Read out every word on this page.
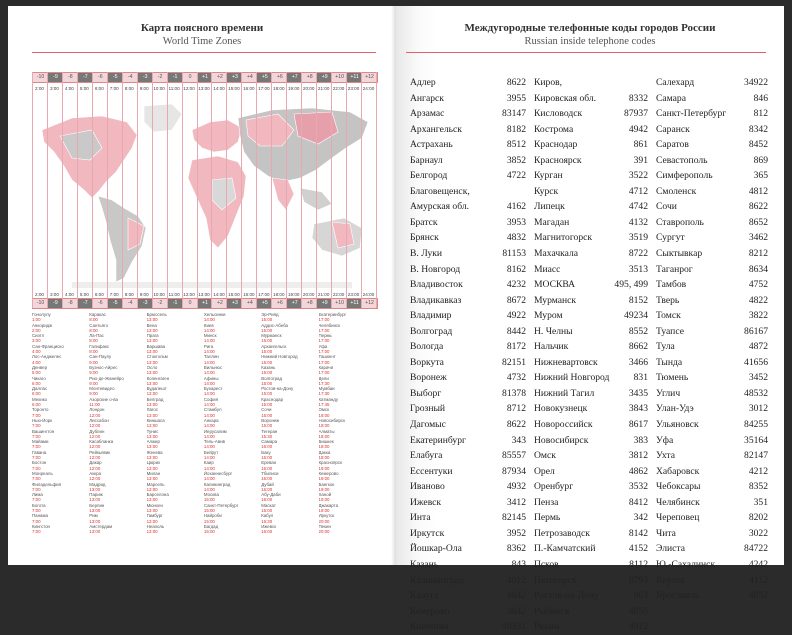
Карта поясного времени
World Time Zones
-10	-9	-8	-7	-6	-5	-4	-3	-2	-1	0	+1	+2	+3	+4	+5	+6	+7	+8	+9	+10	+11	+12
2:00	3:00	4:00	5:00	6:00	7:00	8:00	9:00	10:00 11:00 12:00 13:00 14:00 15:00 16:00 17:00 18:00 19:00 20:00 21:00 22:00 23:00 24:00
2:00	3:00	4:00	5:00	6:00	7:00	8:00	9:00	10:00 11:00 12:00 13:00 14:00 15:00 16:00 17:00 18:00 19:00 20:00 21:00 22:00 23:00 24:00
-10	-9	-8	-7	-6	-5	-4	-3	-2	-1	0	+1	+2	+3	+4	+5	+6	+7	+8	+9	+10	+11	+12
Гонолулу
1:00
Анкоридж
2:00
Сиэтл
3:00
Сан-Франциско
4:00
Лос-Анджелес
4:00
Денвер
5:00
Чикаго
6:00
Даллас
6:00
Мехико
6:00
Торонто
7:00
Нью-Йорк
7:00
Вашингтон
7:00
Майами
7:00
Гавана
7:00
Бостон
7:00
Монреаль
7:00
Филадельфия
7:00
Лима
7:00
Богота
7:00
Панама
7:00
Кингстон
7:00
Каракас
8:00
Сантьяго
8:00
Ла-Пас
8:00
Галифакс
8:00
Сан-Паулу
9:00
Буэнос-Айрес
9:00
Рио-де-Жанейро
9:00
Монтевидео
9:00
Азорские о-ва
11:00
Лондон
12:00
Лиссабон
12:00
Дублин
12:00
Касабланка
12:00
Рейкьявик
12:00
Дакар
12:00
Аккра
12:00
Мадрид
13:00
Париж
13:00
Берлин
13:00
Рим
13:00
Амстердам
13:00
Брюссель
13:00
Вена
13:00
Прага
13:00
Варшава
13:00
Стокгольм
13:00
Осло
13:00
Копенгаген
13:00
Будапешт
13:00
Белград
13:00
Лагос
13:00
Киншаса
13:00
Тунис
13:00
Алжир
13:00
Женева
13:00
Цюрих
13:00
Милан
13:00
Марсель
13:00
Барселона
13:00
Мюнхен
13:00
Гамбург
13:00
Неаполь
13:00
Хельсинки
14:00
Киев
14:00
Минск
14:00
Рига
14:00
Таллин
14:00
Вильнюс
14:00
Афины
14:00
Бухарест
14:00
София
14:00
Стамбул
14:00
Анкара
14:00
Иерусалим
14:00
Тель-Авив
14:00
Бейрут
14:00
Каир
14:00
Йоханнесбург
14:00
Калининград
14:00
Москва
15:00
Санкт-Петербург
15:00
Найроби
15:00
Багдад
15:00
Эр-Рияд
15:00
Аддис-Абеба
15:00
Мурманск
15:00
Архангельск
15:00
Нижний Новгород
15:00
Казань
15:00
Волгоград
15:00
Ростов-на-Дону
15:00
Краснодар
15:00
Сочи
15:00
Воронеж
15:00
Тегеран
15:30
Самара
16:00
Баку
16:00
Ереван
16:00
Тбилиси
16:00
Дубай
16:00
Абу-Даби
16:00
Маскат
16:00
Кабул
16:30
Ижевск
16:00
Екатеринбург
17:00
Челябинск
17:00
Пермь
17:00
Уфа
17:00
Ташкент
17:00
Карачи
17:00
Дели
17:30
Мумбаи
17:30
Катманду
17:45
Омск
18:00
Новосибирск
18:00
Алматы
18:00
Бишкек
18:00
Дакка
18:00
Красноярск
19:00
Кемерово
19:00
Бангкок
19:00
Ханой
19:00
Джакарта
19:00
Иркутск
20:00
Пекин
20:00
Междугородные телефонные коды городов России
Russian inside telephone codes
Адлер	8622
Ангарск	3955
Арзамас	83147
Архангельск	8182
Астрахань	8512
Барнаул	3852
Белгород	4722
Благовещенск,
Амурская обл.	4162
Братск	3953
Брянск	4832
В. Луки	81153
В. Новгород	8162
Владивосток	4232
Владикавказ	8672
Владимир	4922
Волгоград	8442
Вологда	8172
Воркута	82151
Воронеж	4732
Выборг	81378
Грозный	8712
Дагомыс	8622
Екатеринбург	343
Елабуга	85557
Ессентуки	87934
Иваново	4932
Ижевск	3412
Инта	82145
Иркутск	3952
Йошкар-Ола	8362
Казань	843
Калининград	4012
Калуга	4842
Кемерово	3842
Кинешма	49331
Киров,
Кировская обл.	8332
Кисловодск	87937
Кострома	4942
Краснодар	861
Красноярск	391
Курган	3522
Курск	4712
Липецк	4742
Магадан	4132
Магнитогорск	3519
Махачкала	8722
Миасс	3513
МОСКВА	495, 499
Мурманск	8152
Муром	49234
Н. Челны	8552
Нальчик	8662
Нижневартовск	3466
Нижний Новгород	831
Нижний Тагил	3435
Новокузнецк	3843
Новороссийск	8617
Новосибирск	383
Омск	3812
Орел	4862
Оренбург	3532
Пенза	8412
Пермь	342
Петрозаводск	8142
П.-Камчатский	4152
Псков	8112
Пятигорск	8793
Ростов-на-Дону	863
Рыбинск	4855
Рязань	4912
Салехард	34922
Самара	846
Санкт-Петербург	812
Саранск	8342
Саратов	8452
Севастополь	869
Симферополь	365
Смоленск	4812
Сочи	8622
Ставрополь	8652
Сургут	3462
Сыктывкар	8212
Таганрог	8634
Тамбов	4752
Тверь	4822
Томск	3822
Туапсе	86167
Тула	4872
Тында	41656
Тюмень	3452
Углич	48532
Улан-Удэ	3012
Ульяновск	84255
Уфа	35164
Ухта	82147
Хабаровск	4212
Чебоксары	8352
Челябинск	351
Череповец	8202
Чита	3022
Элиста	84722
Ю.-Сахалинск	4242
Якутск	4112
Ярославль	4852
